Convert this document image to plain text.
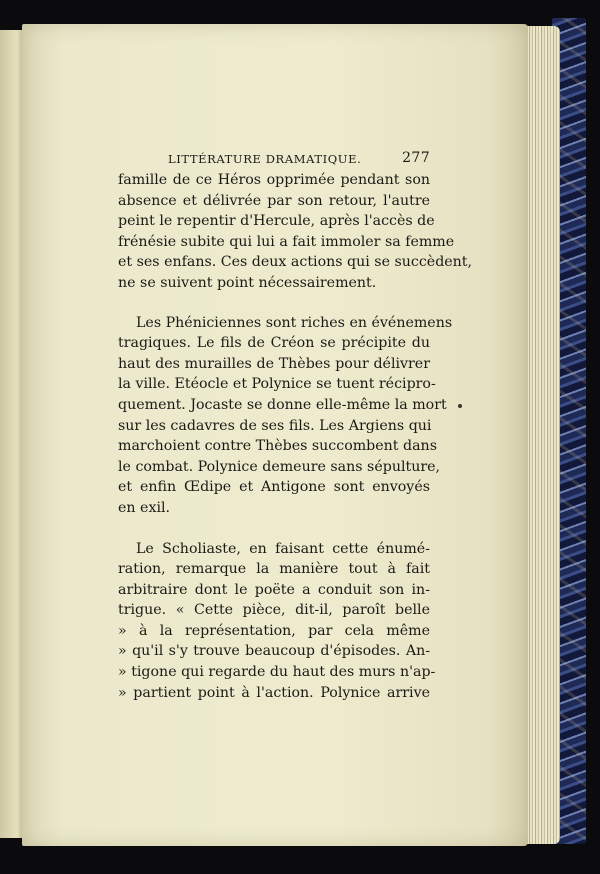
LITTÉRATURE DRAMATIQUE.	277
famille de ce Héros opprimée pendant son
absence et délivrée par son retour, l'autre
peint le repentir d'Hercule, après l'accès de
frénésie subite qui lui a fait immoler sa femme
et ses enfans. Ces deux actions qui se succèdent,
ne se suivent point nécessairement.
Les Phéniciennes sont riches en événemens
tragiques. Le fils de Créon se précipite du
haut des murailles de Thèbes pour délivrer
la ville. Etéocle et Polynice se tuent récipro-
quement. Jocaste se donne elle-même la mort
sur les cadavres de ses fils. Les Argiens qui
marchoient contre Thèbes succombent dans
le combat. Polynice demeure sans sépulture,
et enfin Œdipe et Antigone sont envoyés
en exil.
Le Scholiaste, en faisant cette énumé-
ration, remarque la manière tout à fait
arbitraire dont le poëte a conduit son in-
trigue. « Cette pièce, dit-il, paroît belle
» à la représentation, par cela même
» qu'il s'y trouve beaucoup d'épisodes. An-
» tigone qui regarde du haut des murs n'ap-
» partient point à l'action. Polynice arrive
